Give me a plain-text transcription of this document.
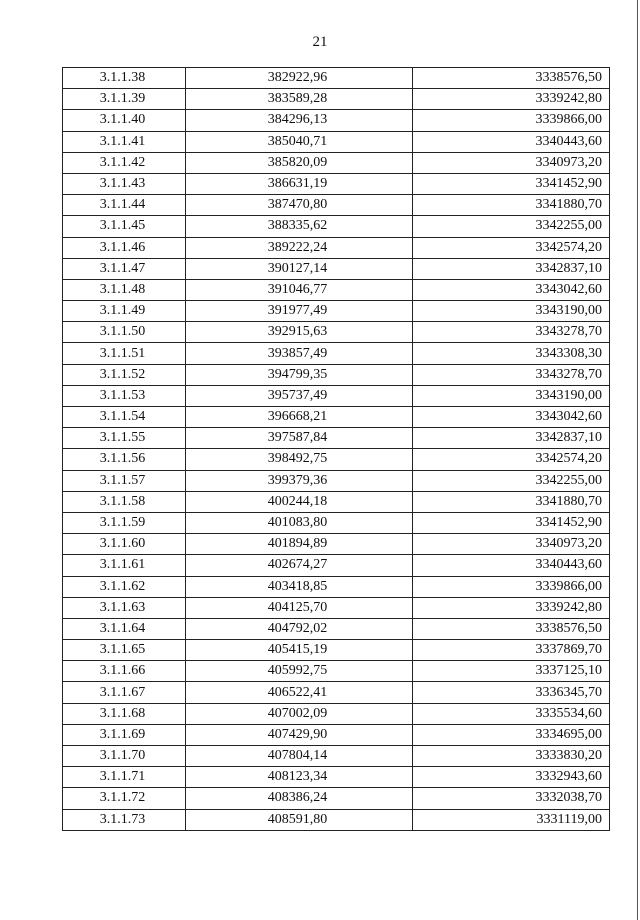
21
3.1.1.38	382922,96	3338576,50
3.1.1.39	383589,28	3339242,80
3.1.1.40	384296,13	3339866,00
3.1.1.41	385040,71	3340443,60
3.1.1.42	385820,09	3340973,20
3.1.1.43	386631,19	3341452,90
3.1.1.44	387470,80	3341880,70
3.1.1.45	388335,62	3342255,00
3.1.1.46	389222,24	3342574,20
3.1.1.47	390127,14	3342837,10
3.1.1.48	391046,77	3343042,60
3.1.1.49	391977,49	3343190,00
3.1.1.50	392915,63	3343278,70
3.1.1.51	393857,49	3343308,30
3.1.1.52	394799,35	3343278,70
3.1.1.53	395737,49	3343190,00
3.1.1.54	396668,21	3343042,60
3.1.1.55	397587,84	3342837,10
3.1.1.56	398492,75	3342574,20
3.1.1.57	399379,36	3342255,00
3.1.1.58	400244,18	3341880,70
3.1.1.59	401083,80	3341452,90
3.1.1.60	401894,89	3340973,20
3.1.1.61	402674,27	3340443,60
3.1.1.62	403418,85	3339866,00
3.1.1.63	404125,70	3339242,80
3.1.1.64	404792,02	3338576,50
3.1.1.65	405415,19	3337869,70
3.1.1.66	405992,75	3337125,10
3.1.1.67	406522,41	3336345,70
3.1.1.68	407002,09	3335534,60
3.1.1.69	407429,90	3334695,00
3.1.1.70	407804,14	3333830,20
3.1.1.71	408123,34	3332943,60
3.1.1.72	408386,24	3332038,70
3.1.1.73	408591,80	3331119,00
